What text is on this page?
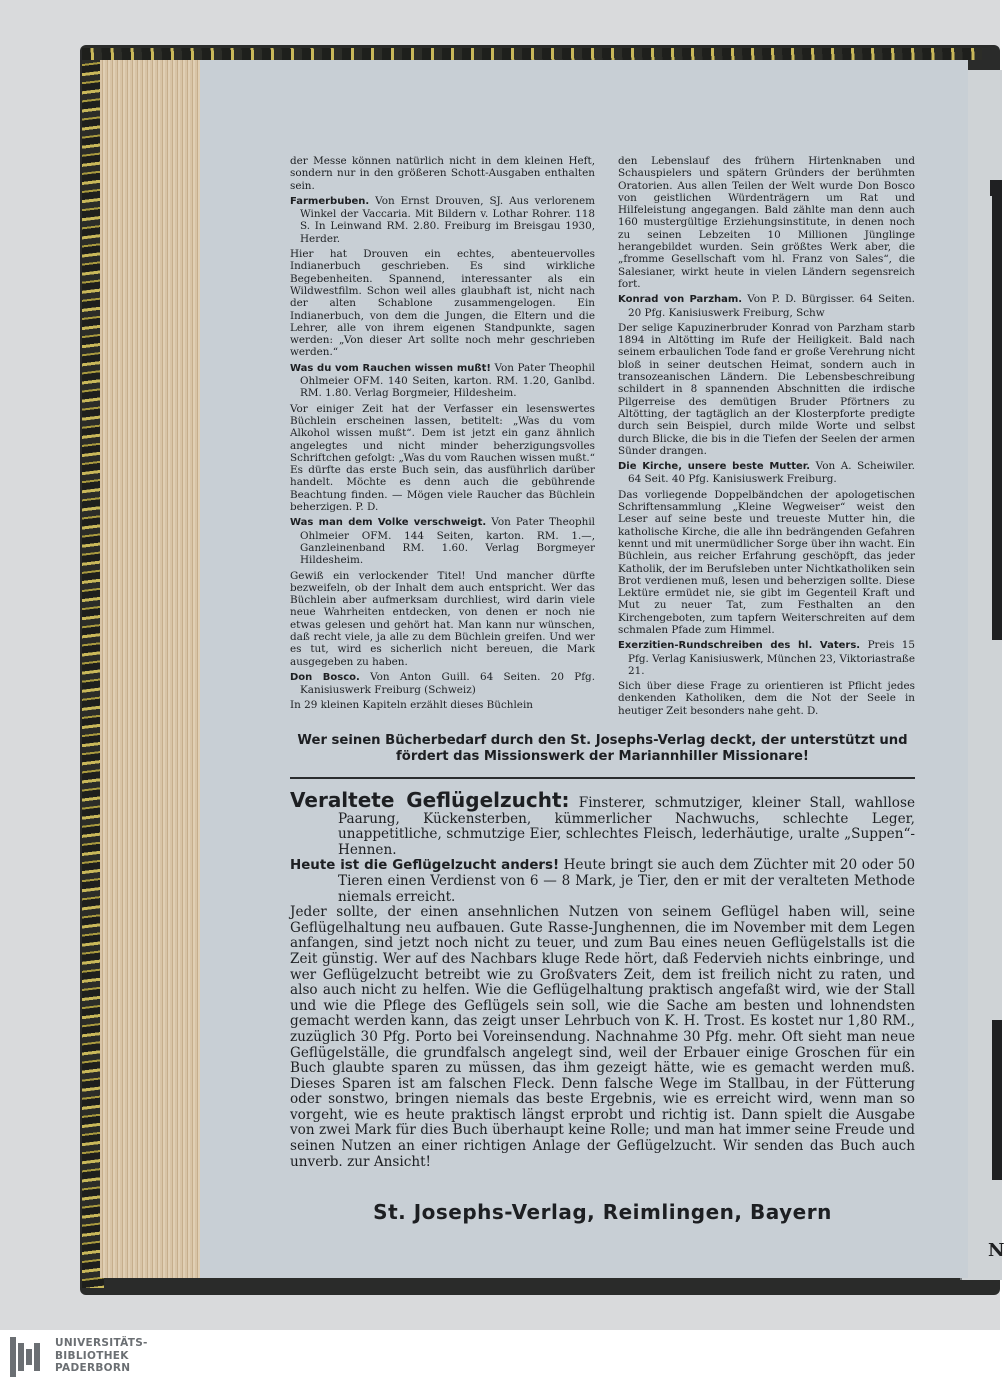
N

der Messe können natürlich nicht in dem kleinen Heft, sondern nur in den größeren Schott-Ausgaben enthalten sein.

Farmerbuben. Von Ernst Drouven, SJ. Aus verlorenem Winkel der Vaccaria. Mit Bildern v. Lothar Rohrer. 118 S. In Leinwand RM. 2.80. Freiburg im Breisgau 1930, Herder.

Hier hat Drouven ein echtes, abenteuervolles Indianerbuch geschrieben. Es sind wirkliche Begebenheiten. Spannend, interessanter als ein Wildwestfilm. Schon weil alles glaubhaft ist, nicht nach der alten Schablone zusammengelogen. Ein Indianerbuch, von dem die Jungen, die Eltern und die Lehrer, alle von ihrem eigenen Standpunkte, sagen werden: „Von dieser Art sollte noch mehr geschrieben werden.“

Was du vom Rauchen wissen mußt! Von Pater Theophil Ohlmeier OFM. 140 Seiten, karton. RM. 1.20, Ganlbd. RM. 1.80. Verlag Borgmeier, Hildesheim.

Vor einiger Zeit hat der Verfasser ein lesenswertes Büchlein erscheinen lassen, betitelt: „Was du vom Alkohol wissen mußt“. Dem ist jetzt ein ganz ähnlich angelegtes und nicht minder beherzigungsvolles Schriftchen gefolgt: „Was du vom Rauchen wissen mußt.“ Es dürfte das erste Buch sein, das ausführlich darüber handelt. Möchte es denn auch die gebührende Beachtung finden. — Mögen viele Raucher das Büchlein beherzigen. P. D.

Was man dem Volke verschweigt. Von Pater Theophil Ohlmeier OFM. 144 Seiten, karton. RM. 1.—, Ganzleinenband RM. 1.60. Verlag Borgmeyer Hildesheim.

Gewiß ein verlockender Titel! Und mancher dürfte bezweifeln, ob der Inhalt dem auch entspricht. Wer das Büchlein aber aufmerksam durchliest, wird darin viele neue Wahrheiten entdecken, von denen er noch nie etwas gelesen und gehört hat. Man kann nur wünschen, daß recht viele, ja alle zu dem Büchlein greifen. Und wer es tut, wird es sicherlich nicht bereuen, die Mark ausgegeben zu haben.

Don Bosco. Von Anton Guill. 64 Seiten. 20 Pfg. Kanisiuswerk Freiburg (Schweiz)

In 29 kleinen Kapiteln erzählt dieses Büchlein

den Lebenslauf des frühern Hirtenknaben und Schauspielers und spätern Gründers der berühmten Oratorien. Aus allen Teilen der Welt wurde Don Bosco von geistlichen Würdenträgern um Rat und Hilfeleistung angegangen. Bald zählte man denn auch 160 mustergültige Erziehungsinstitute, in denen noch zu seinen Lebzeiten 10 Millionen Jünglinge herangebildet wurden. Sein größtes Werk aber, die „fromme Gesellschaft vom hl. Franz von Sales“, die Salesianer, wirkt heute in vielen Ländern segensreich fort.

Konrad von Parzham. Von P. D. Bürgisser. 64 Seiten. 20 Pfg. Kanisiuswerk Freiburg, Schw

Der selige Kapuzinerbruder Konrad von Parzham starb 1894 in Altötting im Rufe der Heiligkeit. Bald nach seinem erbaulichen Tode fand er große Verehrung nicht bloß in seiner deutschen Heimat, sondern auch in transozeanischen Ländern. Die Lebensbeschreibung schildert in 8 spannenden Abschnitten die irdische Pilgerreise des demütigen Bruder Pförtners zu Altötting, der tagtäglich an der Klosterpforte predigte durch sein Beispiel, durch milde Worte und selbst durch Blicke, die bis in die Tiefen der Seelen der armen Sünder drangen.

Die Kirche, unsere beste Mutter. Von A. Scheiwiler. 64 Seit. 40 Pfg. Kanisiuswerk Freiburg.

Das vorliegende Doppelbändchen der apologetischen Schriftensammlung „Kleine Wegweiser“ weist den Leser auf seine beste und treueste Mutter hin, die katholische Kirche, die alle ihn bedrängenden Gefahren kennt und mit unermüdlicher Sorge über ihn wacht. Ein Büchlein, aus reicher Erfahrung geschöpft, das jeder Katholik, der im Berufsleben unter Nichtkatholiken sein Brot verdienen muß, lesen und beherzigen sollte. Diese Lektüre ermüdet nie, sie gibt im Gegenteil Kraft und Mut zu neuer Tat, zum Festhalten an den Kirchengeboten, zum tapfern Weiterschreiten auf dem schmalen Pfade zum Himmel.

Exerzitien-Rundschreiben des hl. Vaters. Preis 15 Pfg. Verlag Kanisiuswerk, München 23, Viktoriastraße 21.

Sich über diese Frage zu orientieren ist Pflicht jedes denkenden Katholiken, dem die Not der Seele in heutiger Zeit besonders nahe geht. D.

Wer seinen Bücherbedarf durch den St. Josephs-Verlag deckt, der unterstützt und
fördert das Missionswerk der Mariannhiller Missionare!

Veraltete Geflügelzucht: Finsterer, schmutziger, kleiner Stall, wahllose Paarung, Kückensterben, kümmerlicher Nachwuchs, schlechte Leger, unappetitliche, schmutzige Eier, schlechtes Fleisch, lederhäutige, uralte „Suppen“-Hennen.

Heute ist die Geflügelzucht anders! Heute bringt sie auch dem Züchter mit 20 oder 50 Tieren einen Verdienst von 6 — 8 Mark, je Tier, den er mit der veralteten Methode niemals erreicht.

Jeder sollte, der einen ansehnlichen Nutzen von seinem Geflügel haben will, seine Geflügelhaltung neu aufbauen. Gute Rasse-Junghennen, die im November mit dem Legen anfangen, sind jetzt noch nicht zu teuer, und zum Bau eines neuen Geflügelstalls ist die Zeit günstig. Wer auf des Nachbars kluge Rede hört, daß Federvieh nichts einbringe, und wer Geflügelzucht betreibt wie zu Großvaters Zeit, dem ist freilich nicht zu raten, und also auch nicht zu helfen. Wie die Geflügelhaltung praktisch angefaßt wird, wie der Stall und wie die Pflege des Geflügels sein soll, wie die Sache am besten und lohnendsten gemacht werden kann, das zeigt unser Lehrbuch von K. H. Trost. Es kostet nur 1,80 RM., zuzüglich 30 Pfg. Porto bei Voreinsendung. Nachnahme 30 Pfg. mehr. Oft sieht man neue Geflügelställe, die grundfalsch angelegt sind, weil der Erbauer einige Groschen für ein Buch glaubte sparen zu müssen, das ihm gezeigt hätte, wie es gemacht werden muß. Dieses Sparen ist am falschen Fleck. Denn falsche Wege im Stallbau, in der Fütterung oder sonstwo, bringen niemals das beste Ergebnis, wie es erreicht wird, wenn man so vorgeht, wie es heute praktisch längst erprobt und richtig ist. Dann spielt die Ausgabe von zwei Mark für dies Buch überhaupt keine Rolle; und man hat immer seine Freude und seinen Nutzen an einer richtigen Anlage der Geflügelzucht. Wir senden das Buch auch unverb. zur Ansicht!

St. Josephs-Verlag, Reimlingen, Bayern
UNIVERSITÄTS-
BIBLIOTHEK
PADERBORN
